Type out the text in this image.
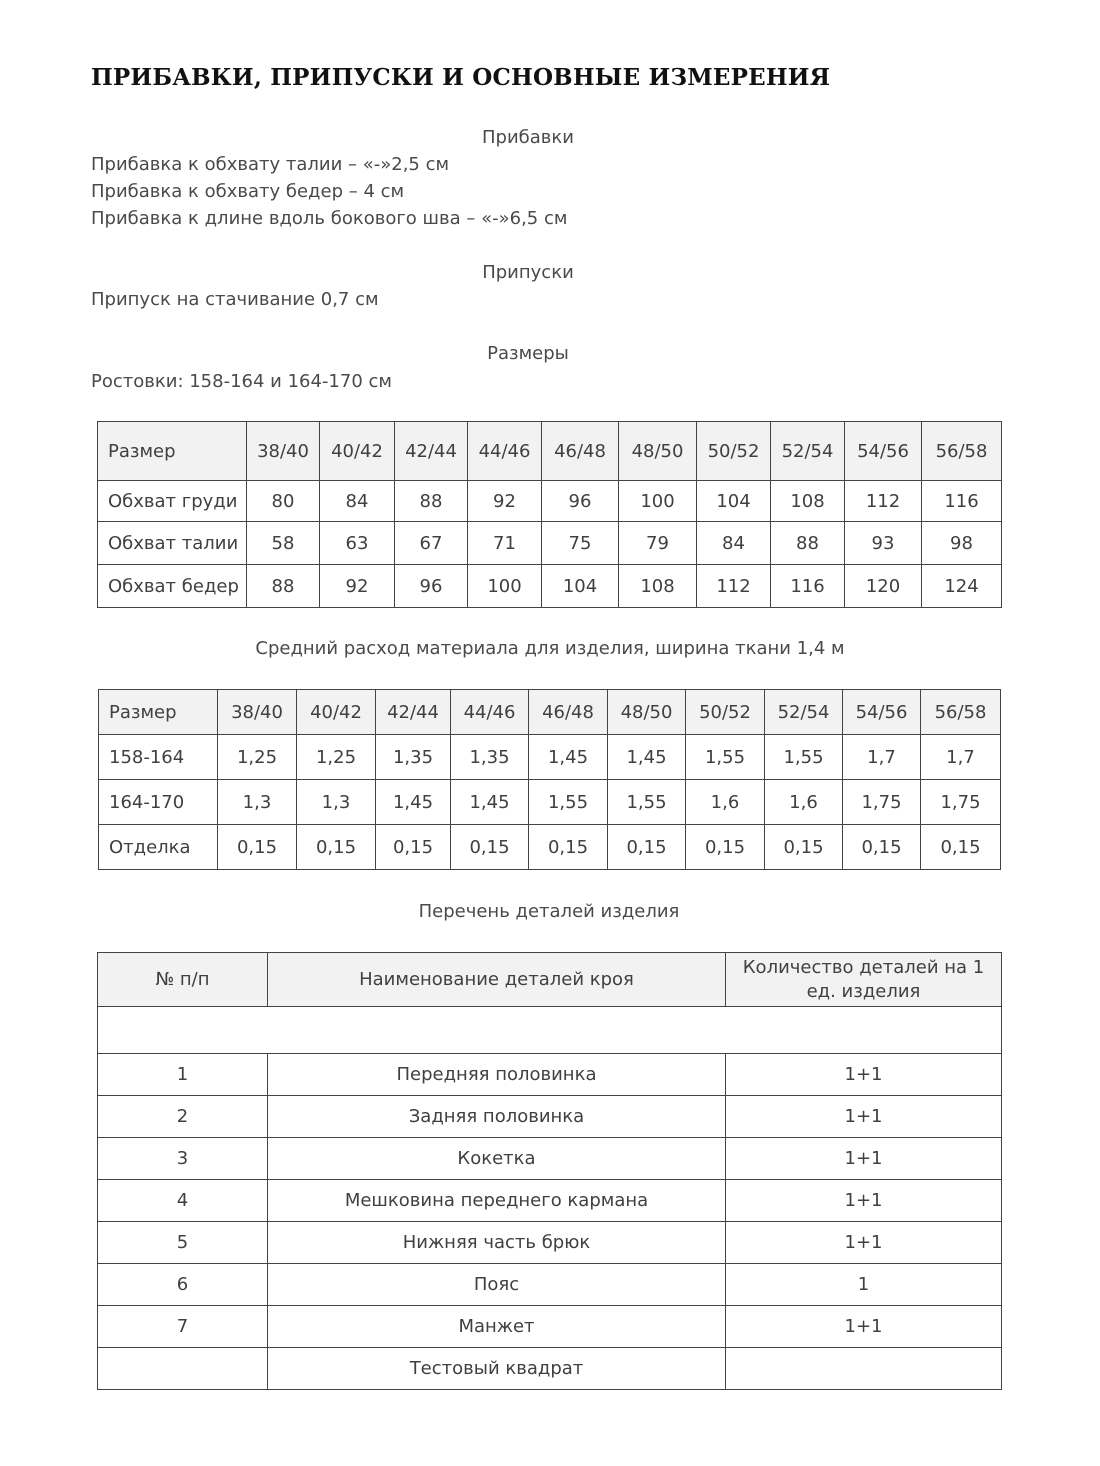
ПРИБАВКИ, ПРИПУСКИ И ОСНОВНЫЕ ИЗМЕРЕНИЯ
Прибавки
Прибавка к обхвату талии – «-»2,5 см
Прибавка к обхвату бедер – 4 см
Прибавка к длине вдоль бокового шва – «-»6,5 см
Припуски
Припуск на стачивание 0,7 см
Размеры
Ростовки: 158-164 и 164-170 см
Размер	38/40	40/42	42/44	44/46	46/48	48/50	50/52	52/54	54/56	56/58
Обхват груди	80	84	88	92	96	100	104	108	112	116
Обхват талии	58	63	67	71	75	79	84	88	93	98
Обхват бедер	88	92	96	100	104	108	112	116	120	124
Средний расход материала для изделия, ширина ткани 1,4 м
Размер	38/40	40/42	42/44	44/46	46/48	48/50	50/52	52/54	54/56	56/58
158-164	1,25	1,25	1,35	1,35	1,45	1,45	1,55	1,55	1,7	1,7
164-170	1,3	1,3	1,45	1,45	1,55	1,55	1,6	1,6	1,75	1,75
Отделка	0,15	0,15	0,15	0,15	0,15	0,15	0,15	0,15	0,15	0,15
Перечень деталей изделия
№ п/п	Наименование деталей кроя	Количество деталей на 1 ед. изделия

1	Передняя половинка	1+1
2	Задняя половинка	1+1
3	Кокетка	1+1
4	Мешковина переднего кармана	1+1
5	Нижняя часть брюк	1+1
6	Пояс	1
7	Манжет	1+1
	Тестовый квадрат	
